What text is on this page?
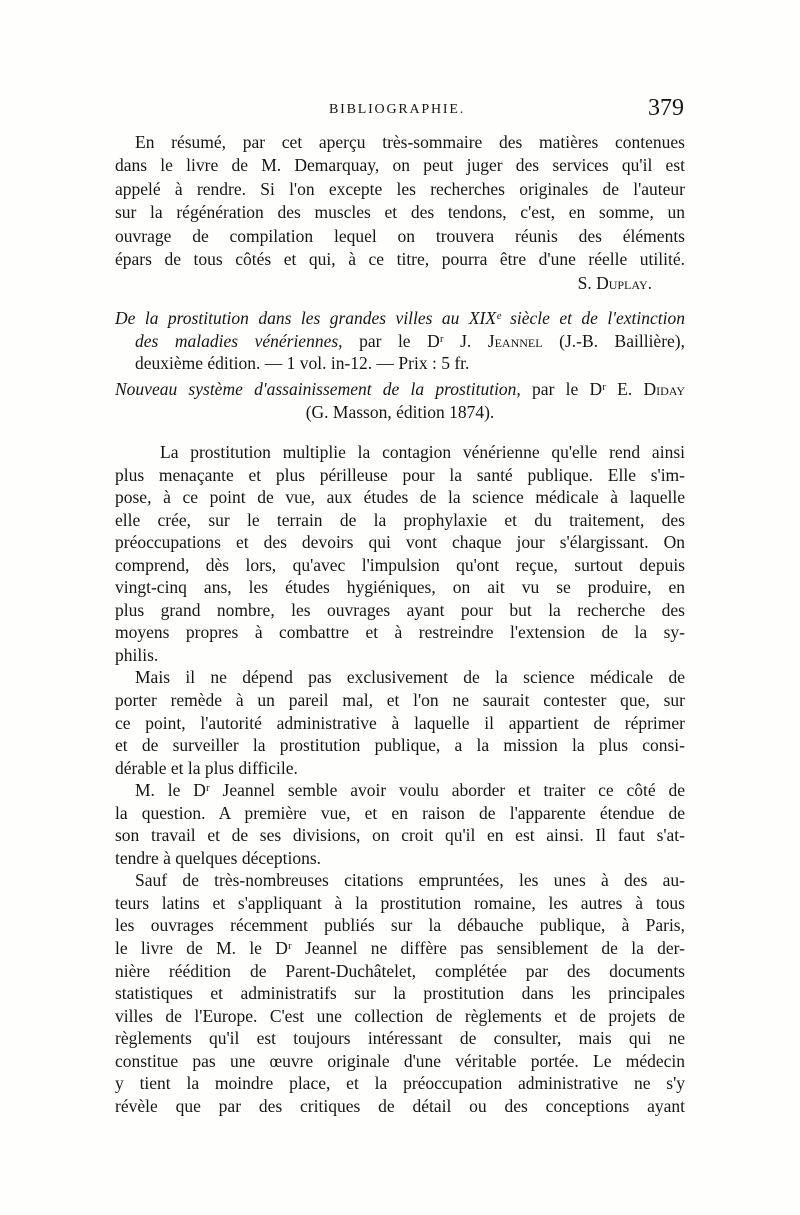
BIBLIOGRAPHIE.	379
En résumé, par cet aperçu très-sommaire des matières contenues
dans le livre de M. Demarquay, on peut juger des services qu'il est
appelé à rendre. Si l'on excepte les recherches originales de l'auteur
sur la régénération des muscles et des tendons, c'est, en somme, un
ouvrage de compilation lequel on trouvera réunis des éléments
épars de tous côtés et qui, à ce titre, pourra être d'une réelle utilité.
S. Duplay.
De la prostitution dans les grandes villes au XIXᵉ siècle et de l'extinction
des maladies vénériennes, par le Dʳ J. Jeannel (J.-B. Baillière),
deuxième édition. — 1 vol. in-12. — Prix : 5 fr.
Nouveau système d'assainissement de la prostitution, par le Dʳ E. Diday
(G. Masson, édition 1874).
La prostitution multiplie la contagion vénérienne qu'elle rend ainsi
plus menaçante et plus périlleuse pour la santé publique. Elle s'im-
pose, à ce point de vue, aux études de la science médicale à laquelle
elle crée, sur le terrain de la prophylaxie et du traitement, des
préoccupations et des devoirs qui vont chaque jour s'élargissant. On
comprend, dès lors, qu'avec l'impulsion qu'ont reçue, surtout depuis
vingt-cinq ans, les études hygiéniques, on ait vu se produire, en
plus grand nombre, les ouvrages ayant pour but la recherche des
moyens propres à combattre et à restreindre l'extension de la sy-
philis.
Mais il ne dépend pas exclusivement de la science médicale de
porter remède à un pareil mal, et l'on ne saurait contester que, sur
ce point, l'autorité administrative à laquelle il appartient de réprimer
et de surveiller la prostitution publique, a la mission la plus consi-
dérable et la plus difficile.
M. le Dʳ Jeannel semble avoir voulu aborder et traiter ce côté de
la question. A première vue, et en raison de l'apparente étendue de
son travail et de ses divisions, on croit qu'il en est ainsi. Il faut s'at-
tendre à quelques déceptions.
Sauf de très-nombreuses citations empruntées, les unes à des au-
teurs latins et s'appliquant à la prostitution romaine, les autres à tous
les ouvrages récemment publiés sur la débauche publique, à Paris,
le livre de M. le Dʳ Jeannel ne diffère pas sensiblement de la der-
nière réédition de Parent-Duchâtelet, complétée par des documents
statistiques et administratifs sur la prostitution dans les principales
villes de l'Europe. C'est une collection de règlements et de projets de
règlements qu'il est toujours intéressant de consulter, mais qui ne
constitue pas une œuvre originale d'une véritable portée. Le médecin
y tient la moindre place, et la préoccupation administrative ne s'y
révèle que par des critiques de détail ou des conceptions ayant
